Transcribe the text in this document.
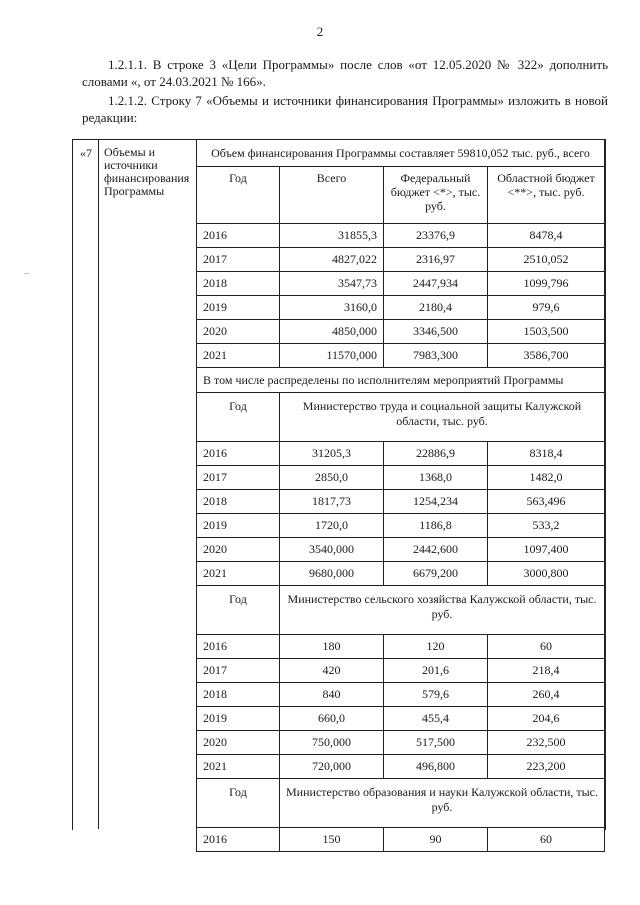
2
1.2.1.1. В строке 3 «Цели Программы» после слов «от 12.05.2020 № 322» дополнить словами «, от 24.03.2021 № 166».
1.2.1.2. Строку 7 «Объемы и источники финансирования Программы» изложить в новой редакции:
«7 Объемы и источники финансирования Программы
–
Объем финансирования Программы составляет 59810,052 тыс. руб., всего			
Год	Всего	Федеральный бюджет <*>, тыс. руб.	Областной бюджет <**>, тыс. руб.
2016	31855,3	23376,9	8478,4
2017	4827,022	2316,97	2510,052
2018	3547,73	2447,934	1099,796
2019	3160,0	2180,4	979,6
2020	4850,000	3346,500	1503,500
2021	11570,000	7983,300	3586,700
В том числе распределены по исполнителям мероприятий Программы			
Год	Министерство труда и социальной защиты Калужской области, тыс. руб.		
2016	31205,3	22886,9	8318,4
2017	2850,0	1368,0	1482,0
2018	1817,73	1254,234	563,496
2019	1720,0	1186,8	533,2
2020	3540,000	2442,600	1097,400
2021	9680,000	6679,200	3000,800
Год	Министерство сельского хозяйства Калужской области, тыс. руб.		
2016	180	120	60
2017	420	201,6	218,4
2018	840	579,6	260,4
2019	660,0	455,4	204,6
2020	750,000	517,500	232,500
2021	720,000	496,800	223,200
Год	Министерство образования и науки Калужской области, тыс. руб.		
2016	150	90	60
